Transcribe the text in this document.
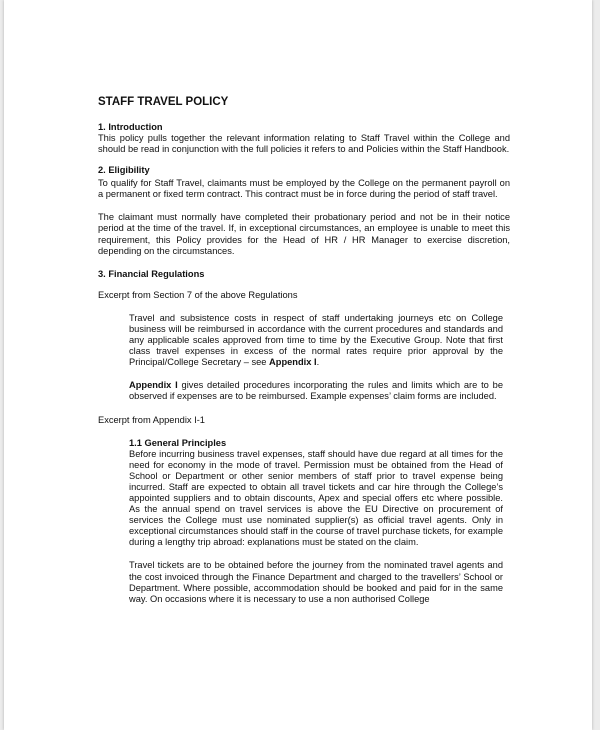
STAFF TRAVEL POLICY

1. Introduction

This policy pulls together the relevant information relating to Staff Travel within the College and should be read in conjunction with the full policies it refers to and Policies within the Staff Handbook.

2. Eligibility

To qualify for Staff Travel, claimants must be employed by the College on the permanent payroll on a permanent or fixed term contract. This contract must be in force during the period of staff travel.

The claimant must normally have completed their probationary period and not be in their notice period at the time of the travel. If, in exceptional circumstances, an employee is unable to meet this requirement, this Policy provides for the Head of HR / HR Manager to exercise discretion, depending on the circumstances.

3. Financial Regulations

Excerpt from Section 7 of the above Regulations

Travel and subsistence costs in respect of staff undertaking journeys etc on College business will be reimbursed in accordance with the current procedures and standards and any applicable scales approved from time to time by the Executive Group. Note that first class travel expenses in excess of the normal rates require prior approval by the Principal/College Secretary – see Appendix I.

Appendix I gives detailed procedures incorporating the rules and limits which are to be observed if expenses are to be reimbursed. Example expenses’ claim forms are included.

Excerpt from Appendix I-1

1.1 General Principles

Before incurring business travel expenses, staff should have due regard at all times for the need for economy in the mode of travel. Permission must be obtained from the Head of School or Department or other senior members of staff prior to travel expense being incurred. Staff are expected to obtain all travel tickets and car hire through the College’s appointed suppliers and to obtain discounts, Apex and special offers etc where possible. As the annual spend on travel services is above the EU Directive on procurement of services the College must use nominated supplier(s) as official travel agents. Only in exceptional circumstances should staff in the course of travel purchase tickets, for example during a lengthy trip abroad: explanations must be stated on the claim.

Travel tickets are to be obtained before the journey from the nominated travel agents and the cost invoiced through the Finance Department and charged to the travellers’ School or Department. Where possible, accommodation should be booked and paid for in the same way. On occasions where it is necessary to use a non authorised College
